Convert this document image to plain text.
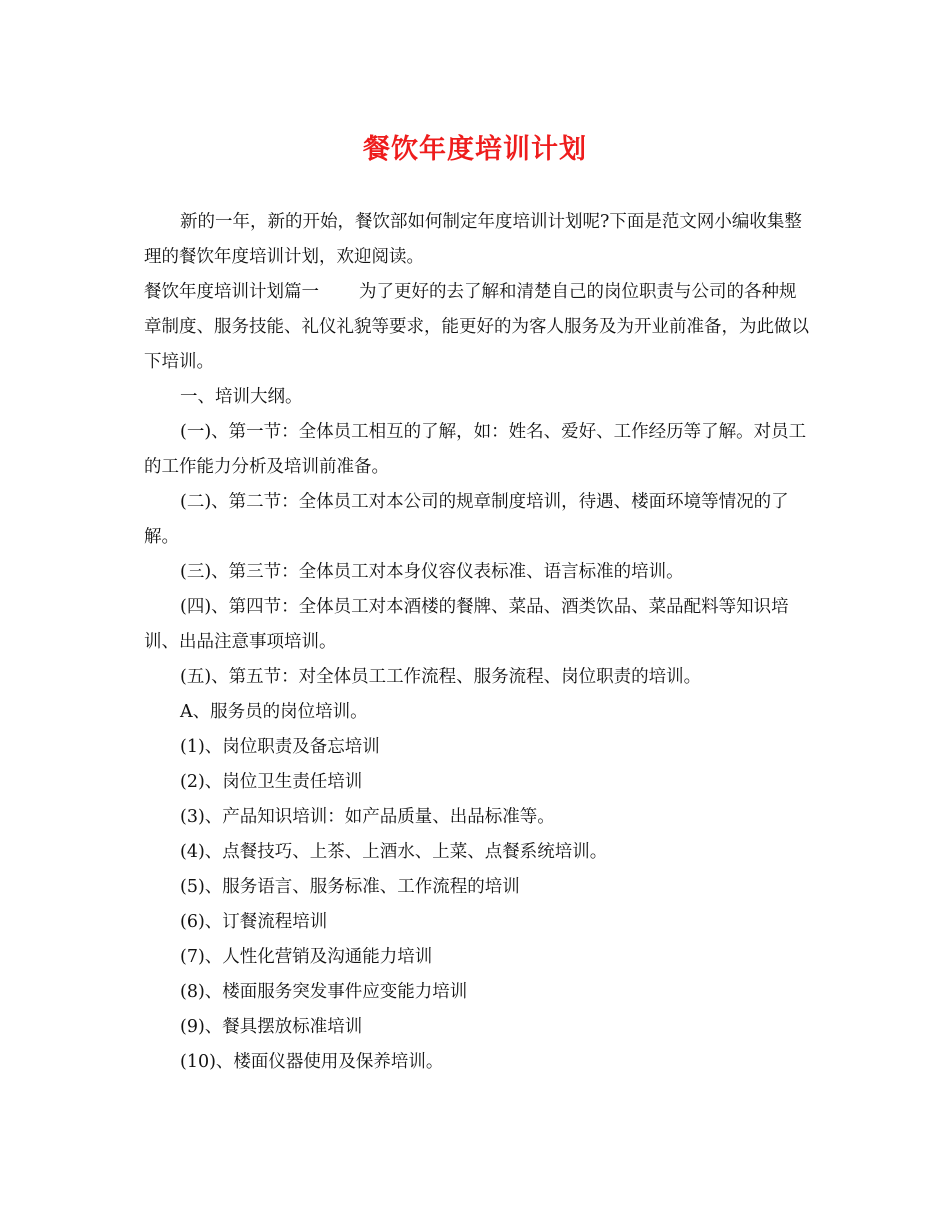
餐饮年度培训计划

新的一年，新的开始，餐饮部如何制定年度培训计划呢?下面是范文网小编收集整理的餐饮年度培训计划，欢迎阅读。

餐饮年度培训计划篇一 为了更好的去了解和清楚自己的岗位职责与公司的各种规章制度、服务技能、礼仪礼貌等要求，能更好的为客人服务及为开业前准备，为此做以下培训。

一、培训大纲。

(一)、第一节：全体员工相互的了解，如：姓名、爱好、工作经历等了解。对员工的工作能力分析及培训前准备。

(二)、第二节：全体员工对本公司的规章制度培训，待遇、楼面环境等情况的了解。

(三)、第三节：全体员工对本身仪容仪表标准、语言标准的培训。

(四)、第四节：全体员工对本酒楼的餐牌、菜品、酒类饮品、菜品配料等知识培训、出品注意事项培训。

(五)、第五节：对全体员工工作流程、服务流程、岗位职责的培训。

A、服务员的岗位培训。

(1)、岗位职责及备忘培训

(2)、岗位卫生责任培训

(3)、产品知识培训：如产品质量、出品标准等。

(4)、点餐技巧、上茶、上酒水、上菜、点餐系统培训。

(5)、服务语言、服务标准、工作流程的培训

(6)、订餐流程培训

(7)、人性化营销及沟通能力培训

(8)、楼面服务突发事件应变能力培训

(9)、餐具摆放标准培训

(10)、楼面仪器使用及保养培训。
